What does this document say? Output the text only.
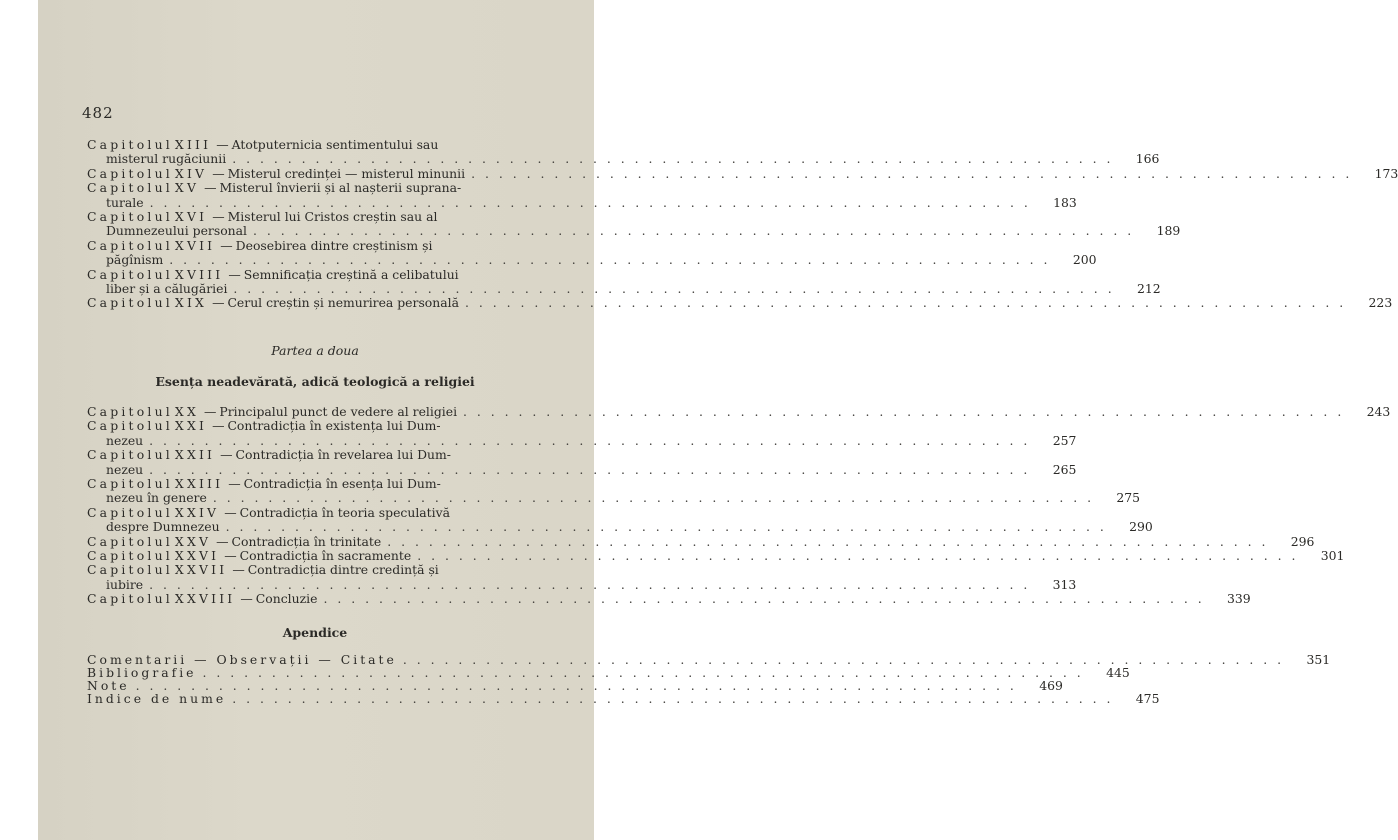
482
Capitolul XIII — Atotputernicia sentimentului sau
misterul rugăciunii . . .	166
Capitolul XIV — Misterul credinței — misterul minunii . . .	173
Capitolul XV — Misterul învierii și al nașterii suprana-
turale . . .	183
Capitolul XVI — Misterul lui Cristos creștin sau al
Dumnezeului personal . . .	189
Capitolul XVII — Deosebirea dintre creștinism și
păgînism . . .	200
Capitolul XVIII — Semnificația creștină a celibatului
liber și a călugăriei . . .	212
Capitolul XIX — Cerul creștin și nemurirea personală . . .	223
Partea a doua
Esența neadevărată, adică teologică a religiei
Capitolul XX — Principalul punct de vedere al religiei . . .	243
Capitolul XXI — Contradicția în existența lui Dum-
nezeu . . .	257
Capitolul XXII — Contradicția în revelarea lui Dum-
nezeu . . .	265
Capitolul XXIII — Contradicția în esența lui Dum-
nezeu în genere . . .	275
Capitolul XXIV — Contradicția în teoria speculativă
despre Dumnezeu . . .	290
Capitolul XXV — Contradicția în trinitate . . .	296
Capitolul XXVI — Contradicția în sacramente . . .	301
Capitolul XXVII — Contradicția dintre credință și
iubire . . .	313
Capitolul XXVIII — Concluzie . . .	339
Apendice
Comentarii — Observații — Citate . . .	351
Bibliografie . . .	445
Note . . .	469
Indice de nume . . .	475
